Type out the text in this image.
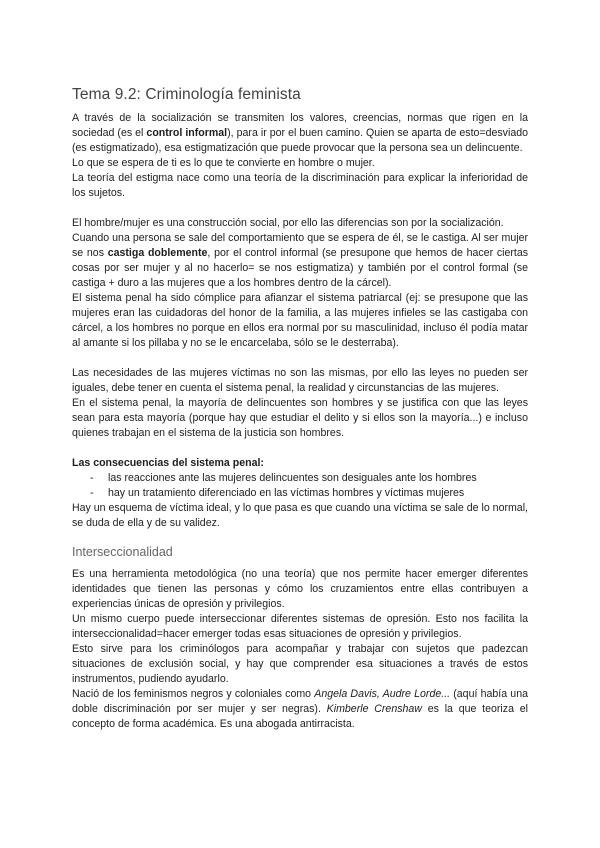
Tema 9.2: Criminología feminista

A través de la socialización se transmiten los valores, creencias, normas que rigen en la sociedad (es el control informal), para ir por el buen camino. Quien se aparta de esto=desviado (es estigmatizado), esa estigmatización que puede provocar que la persona sea un delincuente.

Lo que se espera de ti es lo que te convierte en hombre o mujer.

La teoría del estigma nace como una teoría de la discriminación para explicar la inferioridad de los sujetos.

El hombre/mujer es una construcción social, por ello las diferencias son por la socialización.

Cuando una persona se sale del comportamiento que se espera de él, se le castiga. Al ser mujer se nos castiga doblemente, por el control informal (se presupone que hemos de hacer ciertas cosas por ser mujer y al no hacerlo= se nos estigmatiza) y también por el control formal (se castiga + duro a las mujeres que a los hombres dentro de la cárcel).

El sistema penal ha sido cómplice para afianzar el sistema patriarcal (ej: se presupone que las mujeres eran las cuidadoras del honor de la familia, a las mujeres infieles se las castigaba con cárcel, a los hombres no porque en ellos era normal por su masculinidad, incluso él podía matar al amante si los pillaba y no se le encarcelaba, sólo se le desterraba).

Las necesidades de las mujeres víctimas no son las mismas, por ello las leyes no pueden ser iguales, debe tener en cuenta el sistema penal, la realidad y circunstancias de las mujeres.

En el sistema penal, la mayoría de delincuentes son hombres y se justifica con que las leyes sean para esta mayoría (porque hay que estudiar el delito y si ellos son la mayoría...) e incluso quienes trabajan en el sistema de la justicia son hombres.

Las consecuencias del sistema penal:

- las reacciones ante las mujeres delincuentes son desiguales ante los hombres
- hay un tratamiento diferenciado en las víctimas hombres y víctimas mujeres

Hay un esquema de víctima ideal, y lo que pasa es que cuando una víctima se sale de lo normal, se duda de ella y de su validez.

Interseccionalidad

Es una herramienta metodológica (no una teoría) que nos permite hacer emerger diferentes identidades que tienen las personas y cómo los cruzamientos entre ellas contribuyen a experiencias únicas de opresión y privilegios.

Un mismo cuerpo puede interseccionar diferentes sistemas de opresión. Esto nos facilita la interseccionalidad=hacer emerger todas esas situaciones de opresión y privilegios.

Esto sirve para los criminólogos para acompañar y trabajar con sujetos que padezcan situaciones de exclusión social, y hay que comprender esa situaciones a través de estos instrumentos, pudiendo ayudarlo.

Nació de los feminismos negros y coloniales como Angela Davis, Audre Lorde... (aquí había una doble discriminación por ser mujer y ser negras). Kimberle Crenshaw es la que teoriza el concepto de forma académica. Es una abogada antirracista.
